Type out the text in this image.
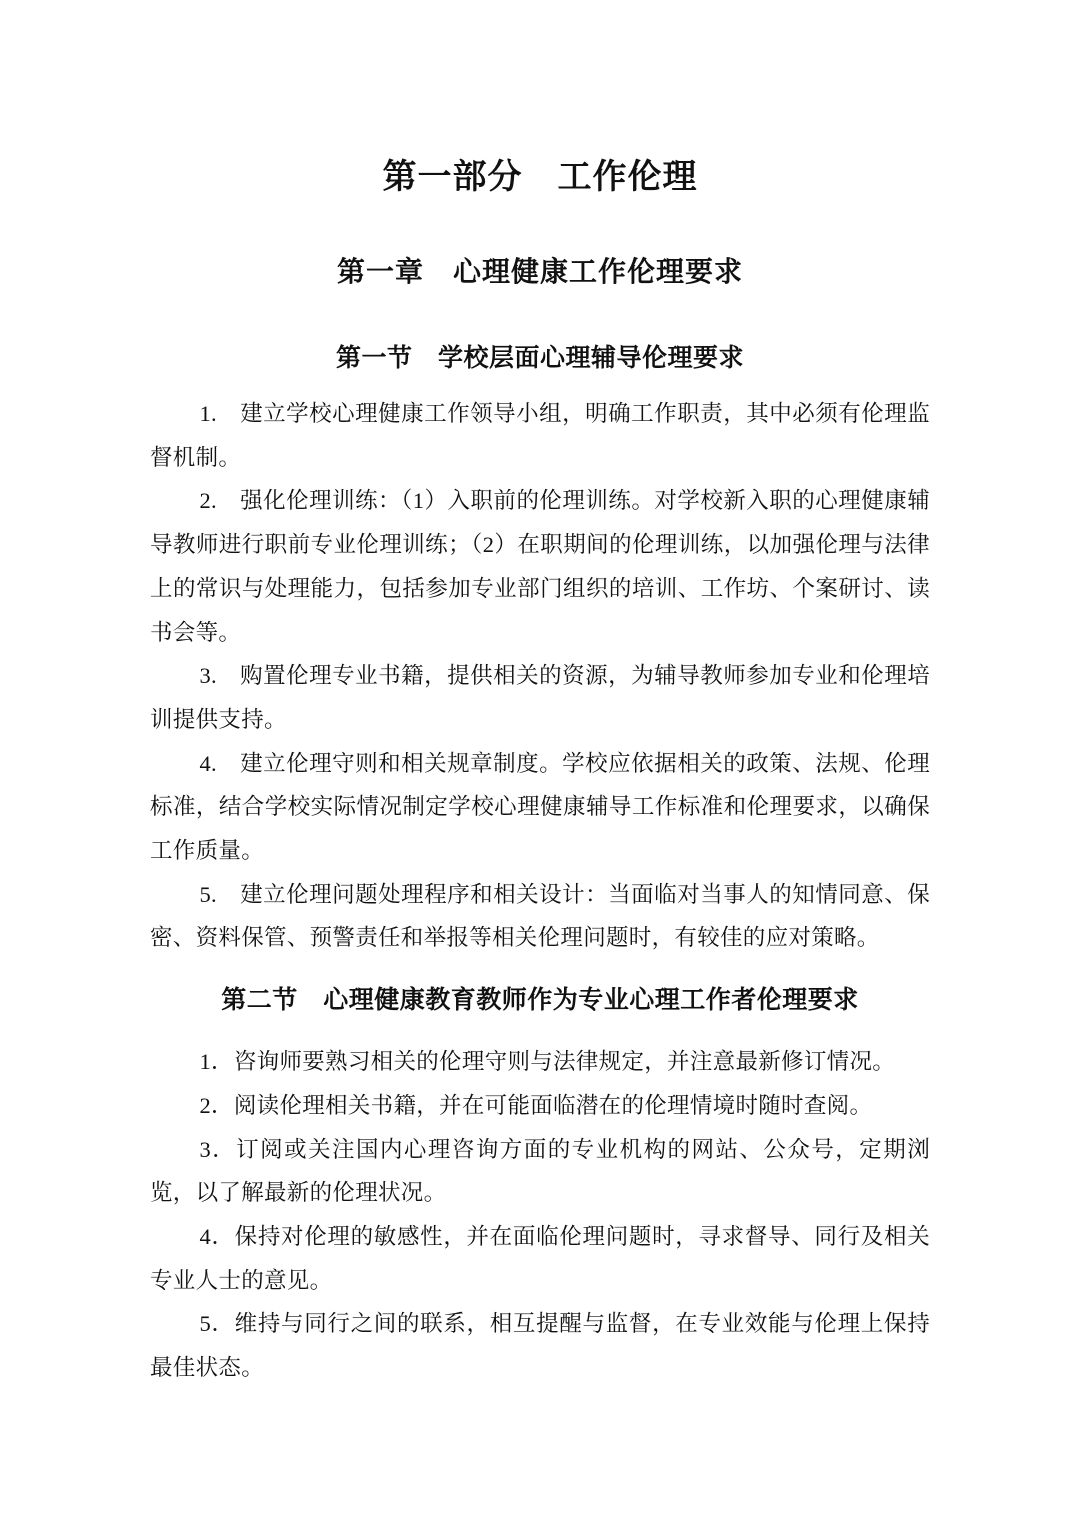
第一部分　工作伦理
第一章　心理健康工作伦理要求
第一节　学校层面心理辅导伦理要求

1.　建立学校心理健康工作领导小组，明确工作职责，其中必须有伦理监督机制。

2.　强化伦理训练：（1）入职前的伦理训练。对学校新入职的心理健康辅导教师进行职前专业伦理训练；（2）在职期间的伦理训练，以加强伦理与法律上的常识与处理能力，包括参加专业部门组织的培训、工作坊、个案研讨、读书会等。

3.　购置伦理专业书籍，提供相关的资源，为辅导教师参加专业和伦理培训提供支持。

4.　建立伦理守则和相关规章制度。学校应依据相关的政策、法规、伦理标准，结合学校实际情况制定学校心理健康辅导工作标准和伦理要求，以确保工作质量。

5.　建立伦理问题处理程序和相关设计：当面临对当事人的知情同意、保密、资料保管、预警责任和举报等相关伦理问题时，有较佳的应对策略。

第二节　心理健康教育教师作为专业心理工作者伦理要求

1．咨询师要熟习相关的伦理守则与法律规定，并注意最新修订情况。

2．阅读伦理相关书籍，并在可能面临潜在的伦理情境时随时查阅。

3．订阅或关注国内心理咨询方面的专业机构的网站、公众号，定期浏览，以了解最新的伦理状况。

4．保持对伦理的敏感性，并在面临伦理问题时，寻求督导、同行及相关专业人士的意见。

5．维持与同行之间的联系，相互提醒与监督，在专业效能与伦理上保持最佳状态。
